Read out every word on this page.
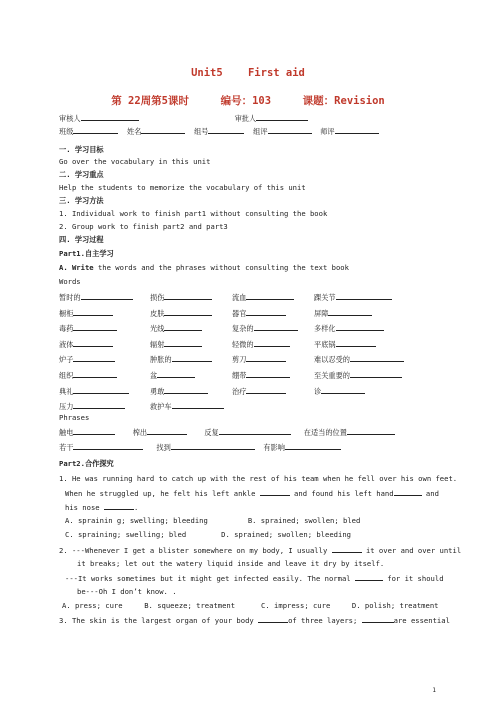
Unit5    First aid
第 22周第5课时     编号：103     课题：Revision
审核人	审批人
班级	姓名	组号	组评	师评
一. 学习目标
Go over the vocabulary in this unit
二. 学习重点
Help the students to memorize the vocabulary of this unit
三. 学习方法
1. Individual work to finish part1 without consulting the book
2. Group work to finish part2 and part3
四. 学习过程
Part1.自主学习
A. Write the words and the phrases without consulting the text book
Words
暂时的	损伤	流血	踝关节
橱柜	皮肤	器官	屏障
毒药	光线	复杂的	多样化
液体	辐射	轻微的	平底锅
炉子	肿胀的	剪刀	难以忍受的
组织	盆	绷带	至关重要的
典礼	勇敢	治疗	诊
压力	救护车
Phrases
触电	榨出	反复	在适当的位置
若干	找到	有影响
Part2.合作探究
1. He was running hard to catch up with the rest of his team when he fell over his own feet.
When he struggled up, he felt his left ankle	and found his left hand	and
his nose	.
A. sprainin g; swelling; bleeding	B. sprained; swollen; bled
C. spraining; swelling; bled	D. sprained; swollen; bleeding
2. ---Whenever I get a blister somewhere on my body, I usually	it over and over until
it breaks; let out the watery liquid inside and leave it dry by itself.
---It works sometimes but it might get infected easily. The normal	for it should
be---Oh I don’t know. .
A. press; cure     B. squeeze; treatment      C. impress; cure     D. polish; treatment
3. The skin is the largest organ of your body	of three layers;	are essential
1
